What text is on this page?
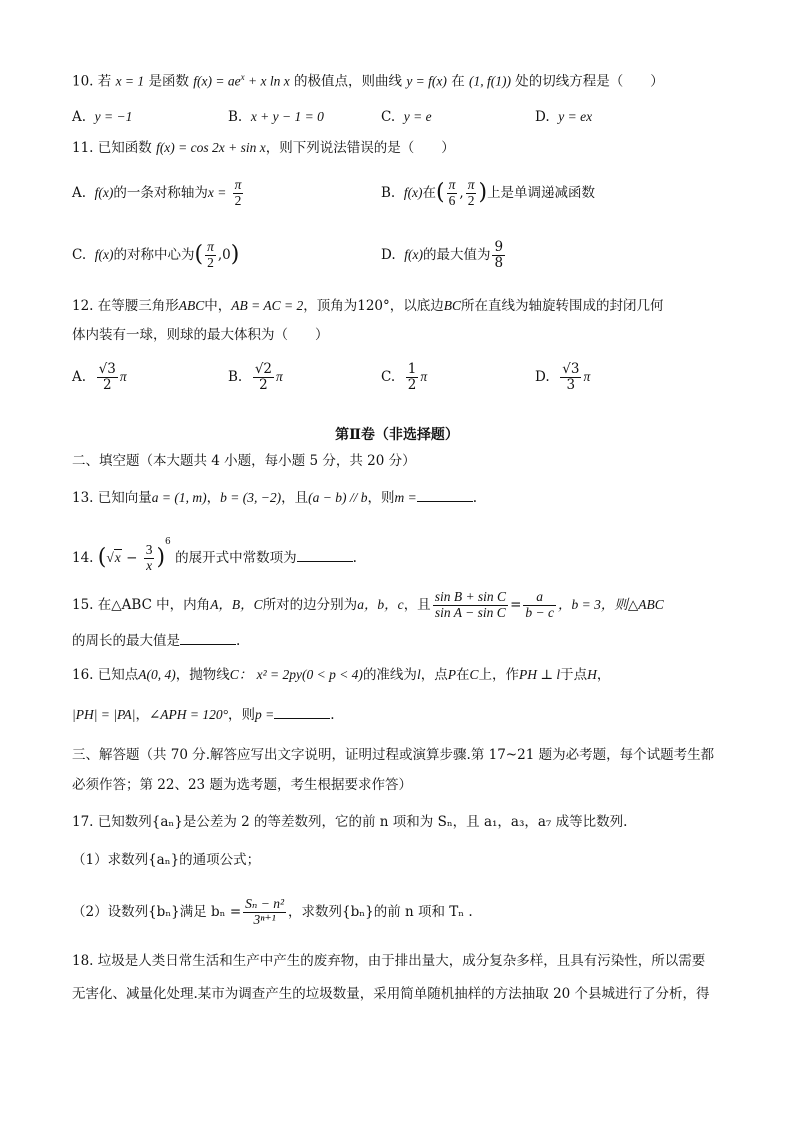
10. 若 x = 1 是函数 $f(x) = ae^x + x$ ln x 的极值点，则曲线 y = f(x) 在 (1, f(1)) 处的切线方程是（　　）
A. y = −1	B. x + y − 1 = 0	C. y = e	D. y = ex
11. 已知函数 f(x) = cos 2x + sin x，则下列说法错误的是（　　）
A. f(x)的一条对称轴为$x = \frac{\pi}{2}$	B. f(x)在( $\frac{\pi}{6}$ , $\frac{\pi}{2}$ )上是单调递减函数
C. f(x)的对称中心为( $\frac{\pi}{2} ,0$)	D. f(x)的最大值为 $\frac{9}{8}$
12. 在等腰三角形ABC中，AB = AC = 2，顶角为120°，以底边BC所在直线为轴旋转围成的封闭几何
体内装有一球，则球的最大体积为（　　）
A. $\frac{√3}{2}$ π	B. $\frac{√2}{2}$ π	C. $\frac{1}{2}$ π	D. $\frac{√3}{3}$ π
第Ⅱ卷（非选择题）
二、填空题（本大题共 4 小题，每小题 5 分，共 20 分）
13. 已知向量a = (1, m)，b = (3, −2)，且(a − b) // b，则m =	.
14. $(√x - \frac{3}{x} )^6$ 的展开式中常数项为	.
15. 在△ABC 中，内角A，B，C所对的边分别为a，b，c，且 $\frac{\text{sin B + sin C}}{\text{sin A − sin C}} = \frac{a}{b - c}$ ，b = 3，则△ABC
的周长的最大值是	.
16. 已知点A(0, 4)，抛物线C： x² = 2py(0 < p < 4)的准线为l，点P在C上，作PH ⊥ l于点H，
|PH| = |PA|，∠APH = 120°，则p =	.
三、解答题（共 70 分.解答应写出文字说明，证明过程或演算步骤.第 17~21 题为必考题，每个试题考生都
必须作答；第 22、23 题为选考题，考生根据要求作答）
17. 已知数列{aₙ}是公差为 2 的等差数列，它的前 n 项和为 Sₙ，且 a₁，a₃，a₇ 成等比数列.
（1）求数列{aₙ}的通项公式；
（2）设数列{bₙ}满足 $b_n = \frac{\text{Sₙ − n²}}{\text{3ⁿ⁺¹}}$ ，求数列{bₙ}的前 n 项和 Tₙ .
18. 垃圾是人类日常生活和生产中产生的废弃物，由于排出量大，成分复杂多样，且具有污染性，所以需要
无害化、减量化处理.某市为调查产生的垃圾数量，采用简单随机抽样的方法抽取 20 个县城进行了分析，得
